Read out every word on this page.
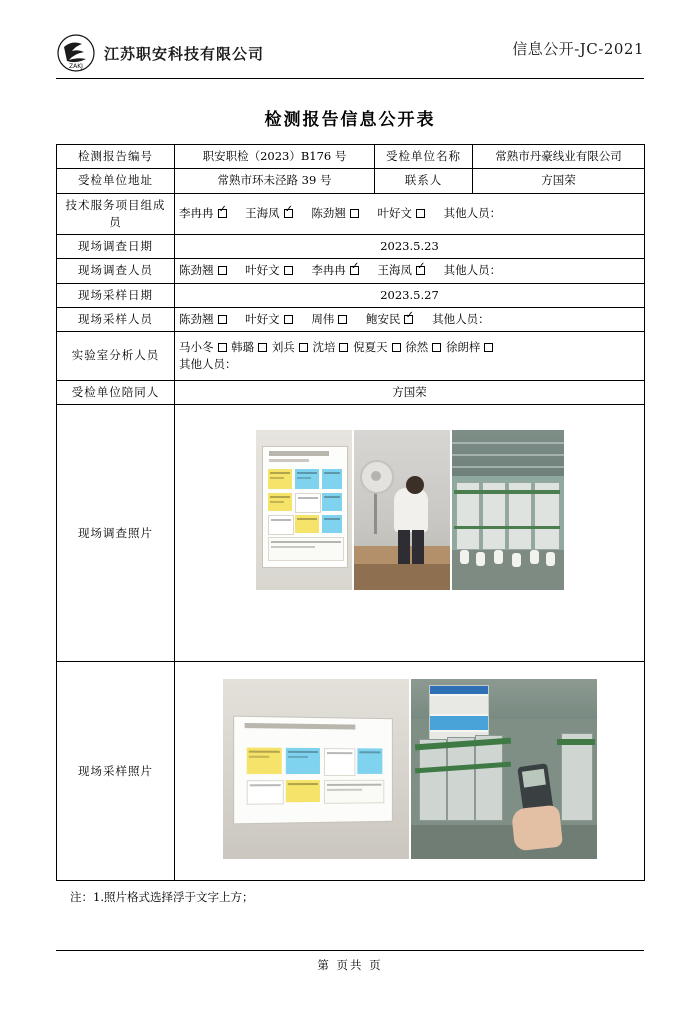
ZAKJ
江苏职安科技有限公司	信息公开-JC-2021
检测报告信息公开表
检测报告编号	职安职检（2023）B176 号	受检单位名称	常熟市丹豪线业有限公司
受检单位地址	常熟市环未泾路 39 号	联系人	方国荣
技术服务项目组成员	李冉冉 ✓ 王海凤 ✓ 陈劲翘 叶好文 其他人员：
现场调查日期	2023.5.23		
现场调查人员	陈劲翘 叶好文 李冉冉 ✓ 王海凤 ✓ 其他人员：
现场采样日期	2023.5.27		
现场采样人员	陈劲翘 叶好文 周伟 鲍安民 ✓ 其他人员：
实验室分析人员	马小冬 韩璐 刘兵 沈培 倪夏天 徐然 徐朗梓
其他人员：		
受检单位陪同人	方国荣		
现场调查照片			

现场采样照片			
注：1.照片格式选择浮于文字上方；
第 页共 页
